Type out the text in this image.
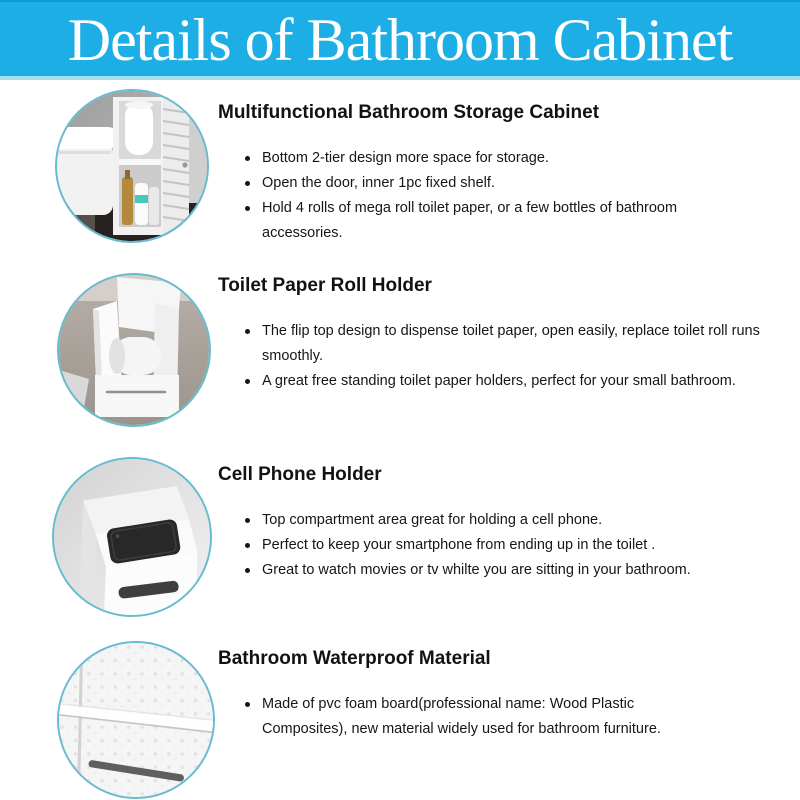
Details of Bathroom Cabinet
Multifunctional Bathroom Storage Cabinet
Bottom 2-tier design more space for storage.
Open the door, inner 1pc fixed shelf.
Hold 4 rolls of mega roll toilet paper, or a few bottles of bathroom accessories.
Toilet Paper Roll Holder
The flip top design to dispense toilet paper, open easily, replace toilet roll runs smoothly.
A great free standing toilet paper holders, perfect for your small bathroom.
Cell Phone Holder
Top compartment area great for holding a cell phone.
Perfect to keep your smartphone from ending up in the toilet .
Great to watch movies or tv whilte you are sitting in your bathroom.
Bathroom Waterproof Material
Made of pvc foam board(professional name: Wood Plastic Composites), new material widely used for bathroom furniture.
